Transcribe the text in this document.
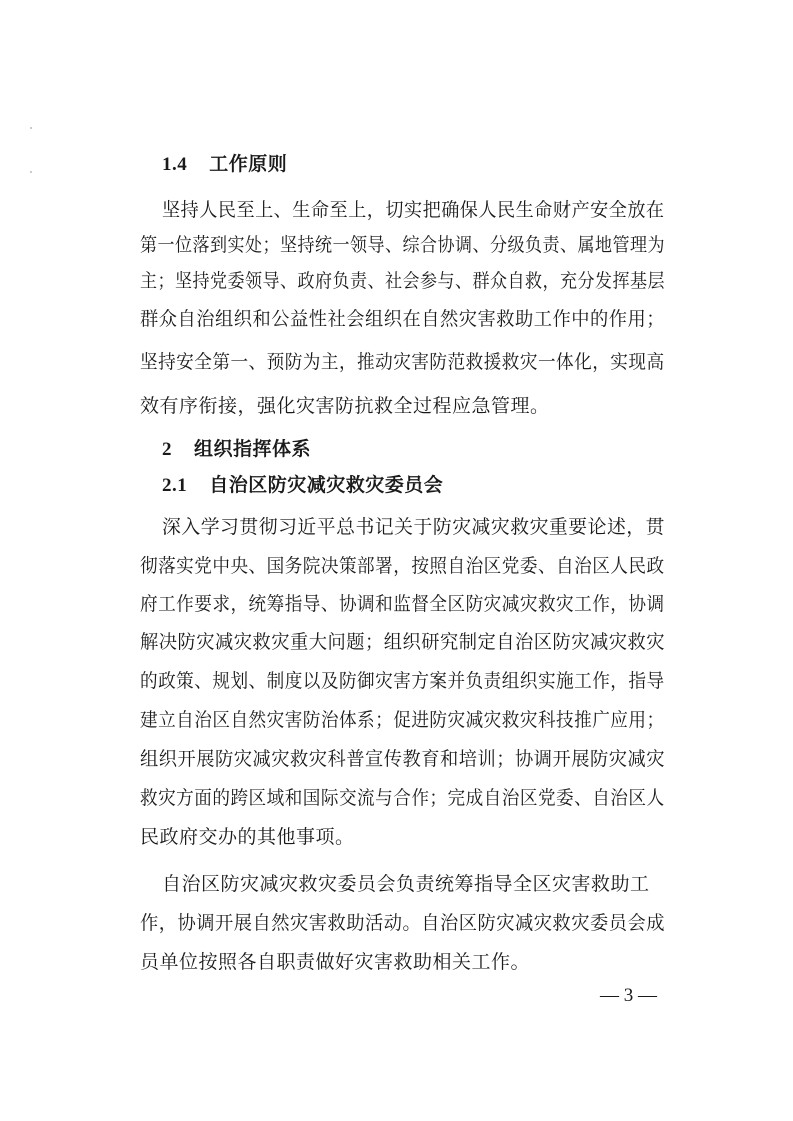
1.4 工作原则
坚持人民至上、生命至上，切实把确保人民生命财产安全放在
第一位落到实处；坚持统一领导、综合协调、分级负责、属地管理为
主；坚持党委领导、政府负责、社会参与、群众自救，充分发挥基层
群众自治组织和公益性社会组织在自然灾害救助工作中的作用；
坚持安全第一、预防为主，推动灾害防范救援救灾一体化，实现高
效有序衔接，强化灾害防抗救全过程应急管理。
2 组织指挥体系
2.1 自治区防灾减灾救灾委员会
深入学习贯彻习近平总书记关于防灾减灾救灾重要论述，贯
彻落实党中央、国务院决策部署，按照自治区党委、自治区人民政
府工作要求，统筹指导、协调和监督全区防灾减灾救灾工作，协调
解决防灾减灾救灾重大问题；组织研究制定自治区防灾减灾救灾
的政策、规划、制度以及防御灾害方案并负责组织实施工作，指导
建立自治区自然灾害防治体系；促进防灾减灾救灾科技推广应用；
组织开展防灾减灾救灾科普宣传教育和培训；协调开展防灾减灾
救灾方面的跨区域和国际交流与合作；完成自治区党委、自治区人
民政府交办的其他事项。
自治区防灾减灾救灾委员会负责统筹指导全区灾害救助工
作，协调开展自然灾害救助活动。自治区防灾减灾救灾委员会成
员单位按照各自职责做好灾害救助相关工作。
— 3 —
